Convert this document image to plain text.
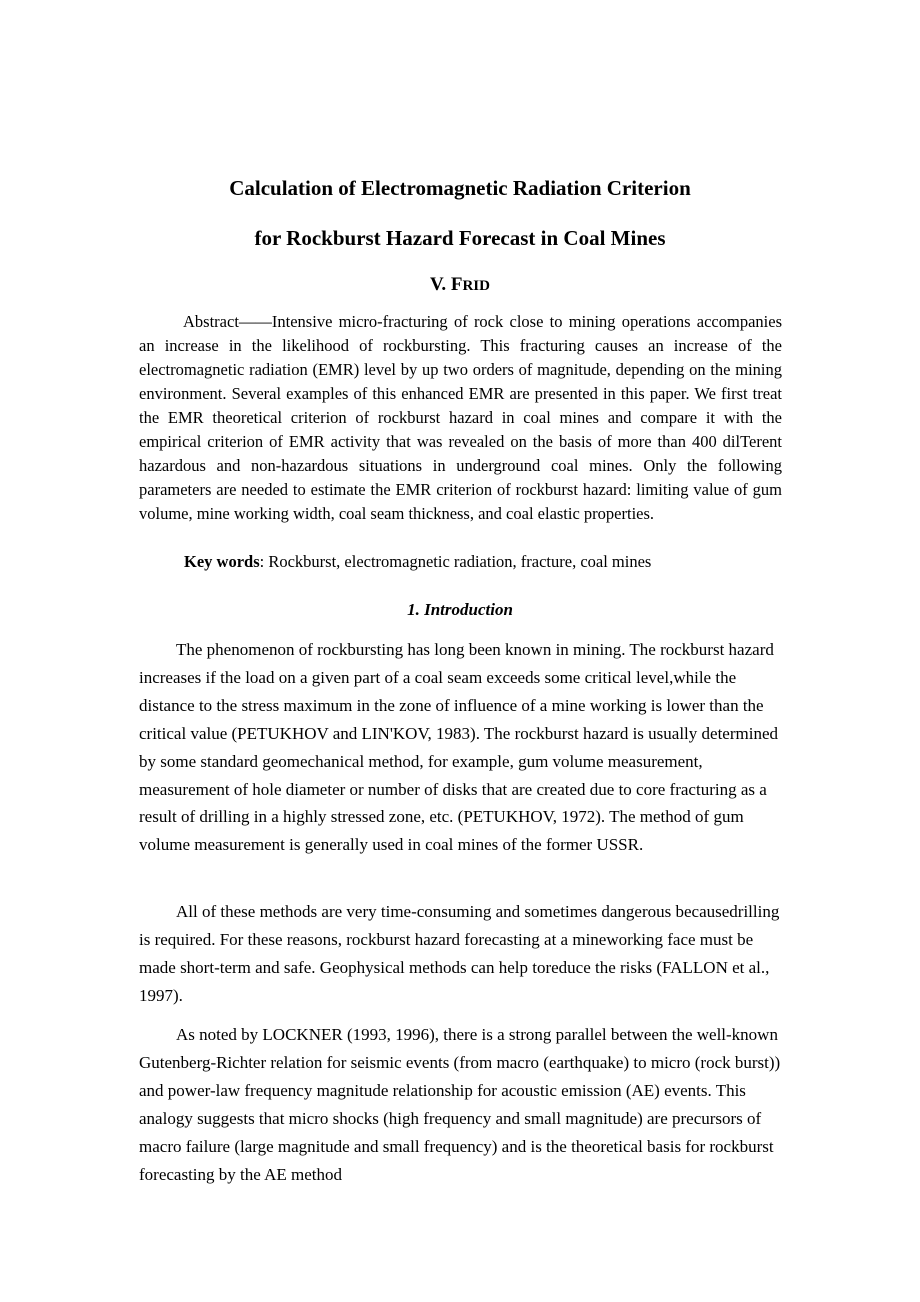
Calculation of Electromagnetic Radiation Criterion
for Rockburst Hazard Forecast in Coal Mines
V. FRID

Abstract——Intensive micro-fracturing of rock close to mining operations accompanies an increase in the likelihood of rockbursting. This fracturing causes an increase of the electromagnetic radiation (EMR) level by up two orders of magnitude, depending on the mining environment. Several examples of this enhanced EMR are presented in this paper. We first treat the EMR theoretical criterion of rockburst hazard in coal mines and compare it with the empirical criterion of EMR activity that was revealed on the basis of more than 400 dilTerent hazardous and non-hazardous situations in underground coal mines. Only the following parameters are needed to estimate the EMR criterion of rockburst hazard: limiting value of gum volume, mine working width, coal seam thickness, and coal elastic properties.

Key words: Rockburst, electromagnetic radiation, fracture, coal mines

1. Introduction

The phenomenon of rockbursting has long been known in mining. The rockburst hazard increases if the load on a given part of a coal seam exceeds some critical level,while the distance to the stress maximum in the zone of influence of a mine working is lower than the critical value (PETUKHOV and LIN'KOV, 1983). The rockburst hazard is usually determined by some standard geomechanical method, for example, gum volume measurement, measurement of hole diameter or number of disks that are created due to core fracturing as a result of drilling in a highly stressed zone, etc. (PETUKHOV, 1972). The method of gum volume measurement is generally used in coal mines of the former USSR.

All of these methods are very time-consuming and sometimes dangerous becausedrilling is required. For these reasons, rockburst hazard forecasting at a mineworking face must be made short-term and safe. Geophysical methods can help toreduce the risks (FALLON et al., 1997).

As noted by LOCKNER (1993, 1996), there is a strong parallel between the well-known Gutenberg-Richter relation for seismic events (from macro (earthquake) to micro (rock burst)) and power-law frequency magnitude relationship for acoustic emission (AE) events. This analogy suggests that micro shocks (high frequency and small magnitude) are precursors of macro failure (large magnitude and small frequency) and is the theoretical basis for rockburst forecasting by the AE method
